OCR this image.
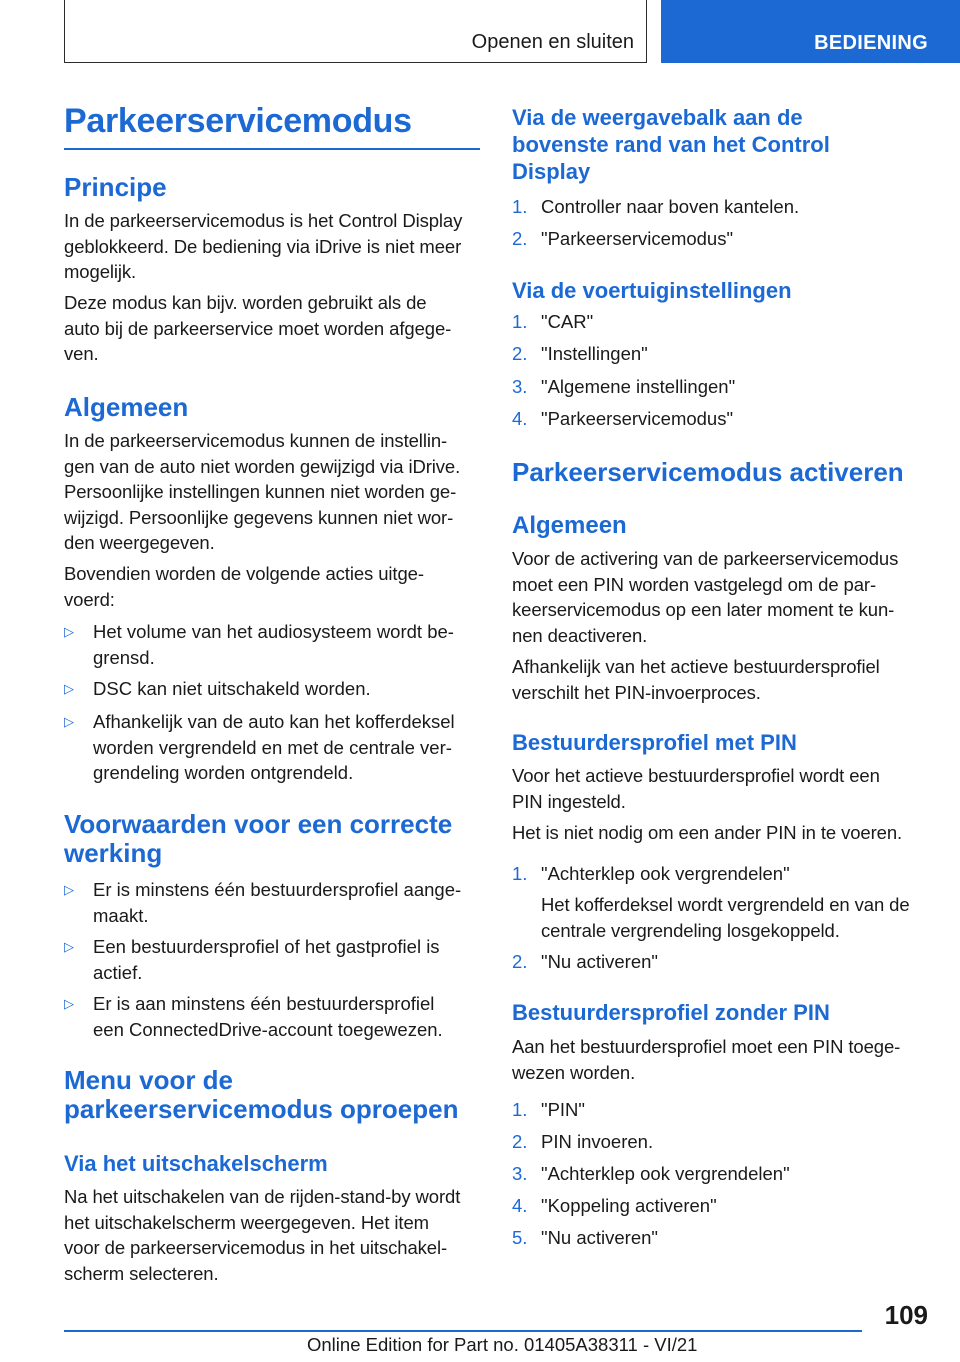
Openen en sluiten	BEDIENING
Parkeerservicemodus
Principe
In de parkeerservicemodus is het Control Display
geblokkeerd. De bediening via iDrive is niet meer
mogelijk.
Deze modus kan bijv. worden gebruikt als de
auto bij de parkeerservice moet worden afgege-
ven.
Algemeen
In de parkeerservicemodus kunnen de instellin-
gen van de auto niet worden gewijzigd via iDrive.
Persoonlijke instellingen kunnen niet worden ge-
wijzigd. Persoonlijke gegevens kunnen niet wor-
den weergegeven.
Bovendien worden de volgende acties uitge-
voerd:
▷ Het volume van het audiosysteem wordt be-
grensd.
▷ DSC kan niet uitschakeld worden.
▷ Afhankelijk van de auto kan het kofferdeksel
worden vergrendeld en met de centrale ver-
grendeling worden ontgrendeld.
Voorwaarden voor een correcte
werking
▷ Er is minstens één bestuurdersprofiel aange-
maakt.
▷ Een bestuurdersprofiel of het gastprofiel is
actief.
▷ Er is aan minstens één bestuurdersprofiel
een ConnectedDrive-account toegewezen.
Menu voor de
parkeerservicemodus oproepen
Via het uitschakelscherm
Na het uitschakelen van de rijden-stand-by wordt
het uitschakelscherm weergegeven. Het item
voor de parkeerservicemodus in het uitschakel-
scherm selecteren.
Via de weergavebalk aan de
bovenste rand van het Control
Display
1. Controller naar boven kantelen.
2. "Parkeerservicemodus"
Via de voertuiginstellingen
1. "CAR"
2. "Instellingen"
3. "Algemene instellingen"
4. "Parkeerservicemodus"
Parkeerservicemodus activeren
Algemeen
Voor de activering van de parkeerservicemodus
moet een PIN worden vastgelegd om de par-
keerservicemodus op een later moment te kun-
nen deactiveren.
Afhankelijk van het actieve bestuurdersprofiel
verschilt het PIN-invoerproces.
Bestuurdersprofiel met PIN
Voor het actieve bestuurdersprofiel wordt een
PIN ingesteld.
Het is niet nodig om een ander PIN in te voeren.
1. "Achterklep ook vergrendelen"
Het kofferdeksel wordt vergrendeld en van de
centrale vergrendeling losgekoppeld.
2. "Nu activeren"
Bestuurdersprofiel zonder PIN
Aan het bestuurdersprofiel moet een PIN toege-
wezen worden.
1. "PIN"
2. PIN invoeren.
3. "Achterklep ook vergrendelen"
4. "Koppeling activeren"
5. "Nu activeren"
109
Online Edition for Part no. 01405A38311 - VI/21
